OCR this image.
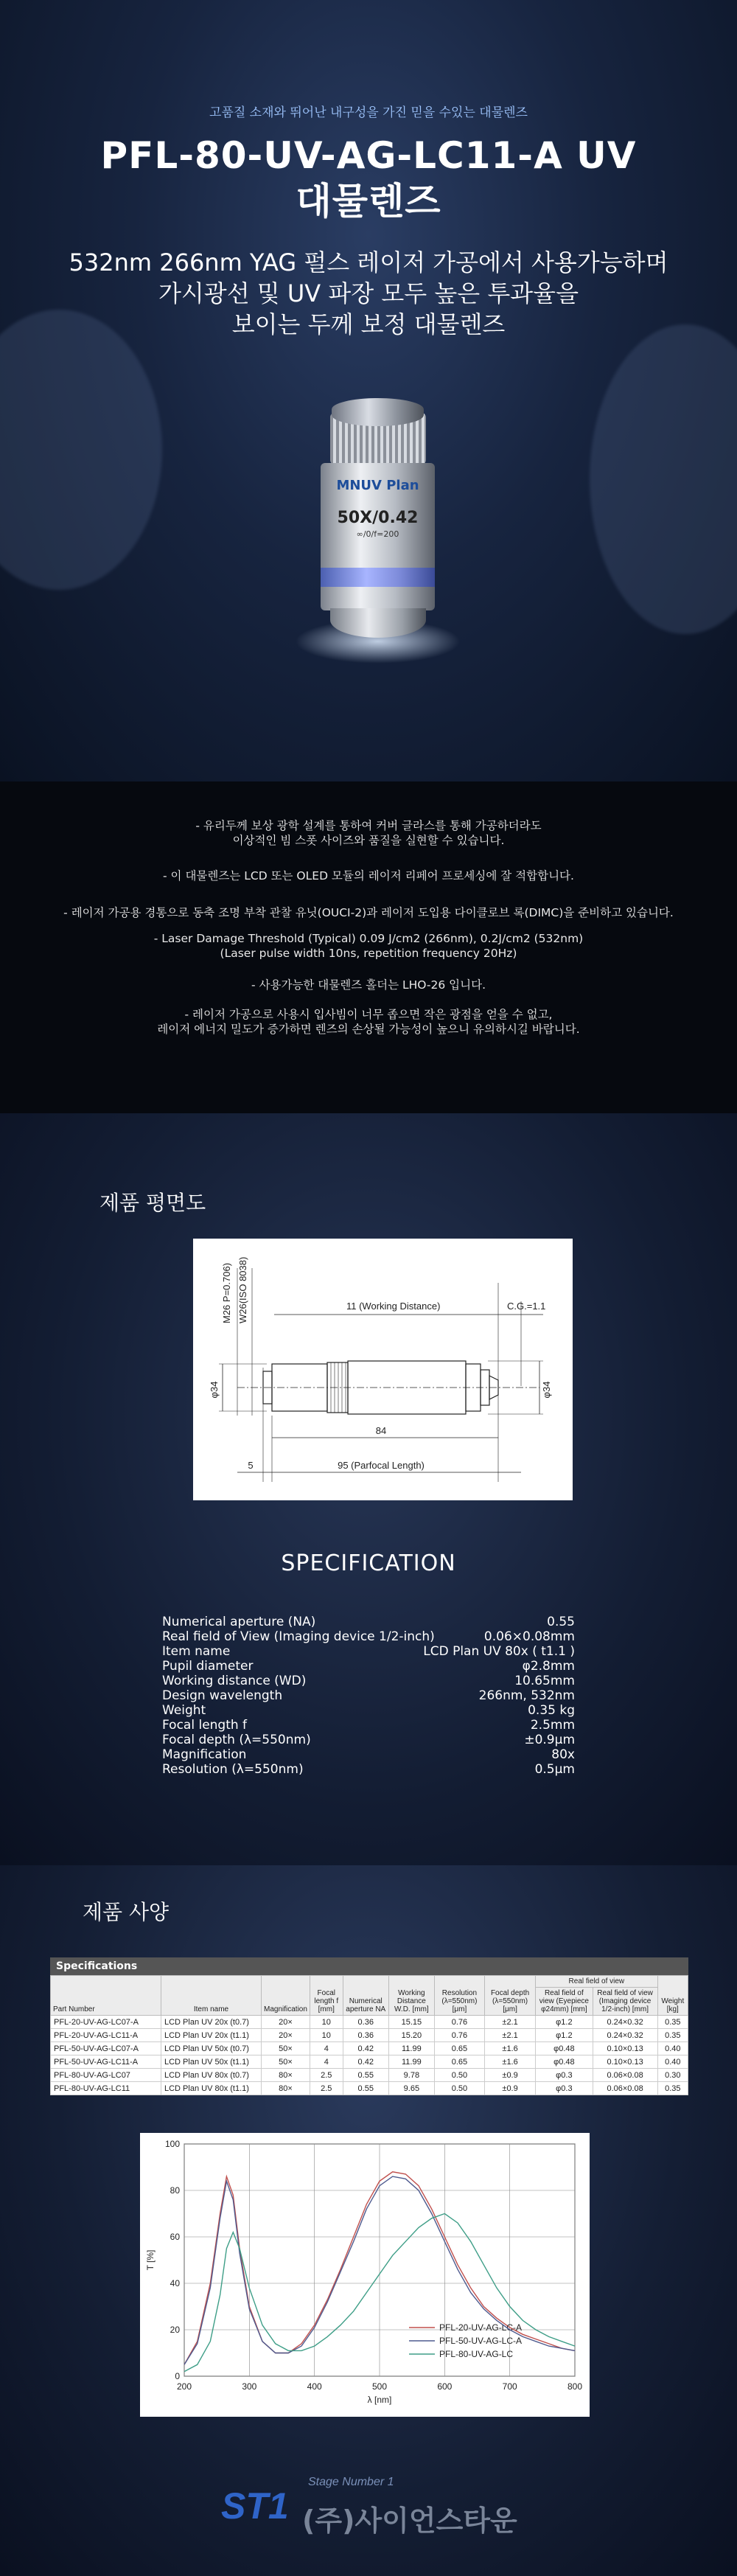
고품질 소재와 뛰어난 내구성을 가진 믿을 수있는 대물렌즈
PFL-80-UV-AG-LC11-A UV
대물렌즈
532nm 266nm YAG 펄스 레이저 가공에서 사용가능하며
가시광선 및 UV 파장 모두 높은 투과율을
보이는 두께 보정 대물렌즈
MNUV Plan
50X/0.42
∞/0/f=200
- 유리두께 보상 광학 설계를 통하여 커버 글라스를 통해 가공하더라도
이상적인 빔 스폿 사이즈와 품질을 실현할 수 있습니다.
- 이 대물렌즈는 LCD 또는 OLED 모듈의 레이저 리페어 프로세싱에 잘 적합합니다.
- 레이저 가공용 경통으로 동축 조명 부착 관찰 유닛(OUCI-2)과 레이저 도입용 다이클로브 록(DIMC)을 준비하고 있습니다.
- Laser Damage Threshold (Typical) 0.09 J/cm2 (266nm), 0.2J/cm2 (532nm)
(Laser pulse width 10ns, repetition frequency 20Hz)
- 사용가능한 대물렌즈 홀더는 LHO-26 입니다.
- 레이저 가공으로 사용시 입사빔이 너무 좁으면 작은 광점을 얻을 수 없고,
레이저 에너지 밀도가 증가하면 렌즈의 손상될 가능성이 높으니 유의하시길 바랍니다.
제품 평면도
M26 P=0.706) W26(ISO 8038)	11 (Working Distance)	C.G.=1.1
φ34	φ34
84
5	95 (Parfocal Length)
SPECIFICATION
Numerical aperture (NA)	0.55
Real field of View (Imaging device 1/2-inch)	0.06×0.08mm
Item name	LCD Plan UV 80x ( t1.1 )
Pupil diameter	φ2.8mm
Working distance (WD)	10.65mm
Design wavelength	266nm, 532nm
Weight	0.35 kg
Focal length f	2.5mm
Focal depth (λ=550nm)	±0.9μm
Magnification	80x
Resolution (λ=550nm)	0.5μm
제품 사양
Specifications
Part Number	Item name	Magnification	Focal length f [mm]	Numerical aperture NA	Working Distance W.D. [mm]	Resolution (λ=550nm) [μm]	Focal depth (λ=550nm) [μm]	Real field of view		Weight [kg]
								Real field of view (Eyepiece φ24mm) [mm]	Real field of view (Imaging device 1/2-inch) [mm]	
PFL-20-UV-AG-LC07-A	LCD Plan UV 20x (t0.7)	20×	10	0.36	15.15	0.76	±2.1	φ1.2	0.24×0.32	0.35
PFL-20-UV-AG-LC11-A	LCD Plan UV 20x (t1.1)	20×	10	0.36	15.20	0.76	±2.1	φ1.2	0.24×0.32	0.35
PFL-50-UV-AG-LC07-A	LCD Plan UV 50x (t0.7)	50×	4	0.42	11.99	0.65	±1.6	φ0.48	0.10×0.13	0.40
PFL-50-UV-AG-LC11-A	LCD Plan UV 50x (t1.1)	50×	4	0.42	11.99	0.65	±1.6	φ0.48	0.10×0.13	0.40
PFL-80-UV-AG-LC07	LCD Plan UV 80x (t0.7)	80×	2.5	0.55	9.78	0.50	±0.9	φ0.3	0.06×0.08	0.30
PFL-80-UV-AG-LC11	LCD Plan UV 80x (t1.1)	80×	2.5	0.55	9.65	0.50	±0.9	φ0.3	0.06×0.08	0.35
200	300	400	500	600	700	800
0
20
40
60
80
100
λ [nm]
T [%]
PFL-20-UV-AG-LC-A
PFL-50-UV-AG-LC-A
PFL-80-UV-AG-LC
ST1
Stage Number 1
(주)사이언스타운
